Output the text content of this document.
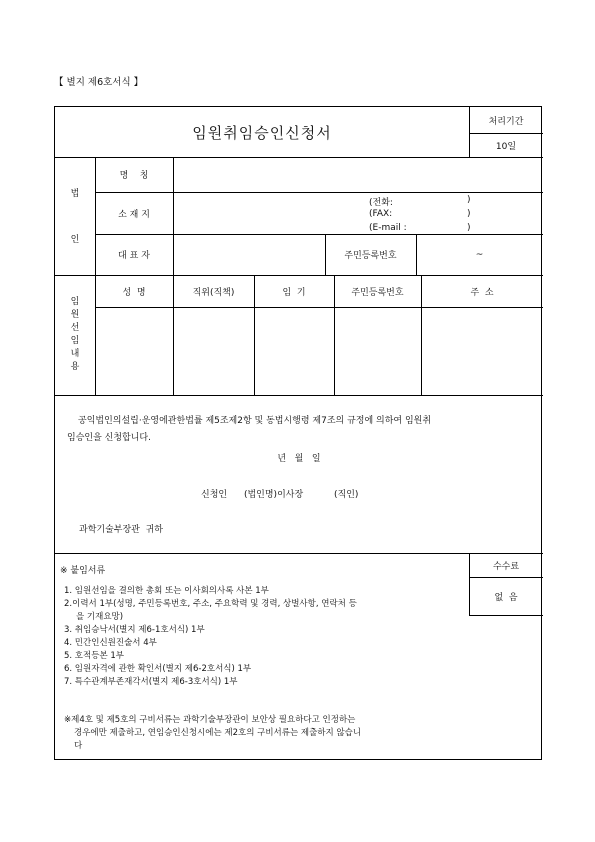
【 별지 제6호서식 】
임원취임승인신청서
처리기간
10일
법
인
명    칭
소 재 지
(전화:	)
(FAX:	)
(E-mail :	)
대 표 자	주민등록번호	~
임
원
선
임
내
용
성  명	직위(직책)	임  기	주민등록번호	주  소
공익법인의설립·운영에관한법률 제5조제2항 및 동법시행령 제7조의 규정에 의하여 임원취
임승인을 신청합니다.
년   월   일
신청인 (법인명)이사장	(직인)
과학기술부장관  귀하
※ 붙임서류	수수료
없  음
1. 임원선임을 결의한 총회 또는 이사회의사록 사본 1부
2.이력서 1부(성명, 주민등록번호, 주소, 주요학력 및 경력, 상벌사항, 연락처 등
을 기재요망)
3. 취임승낙서(별지 제6-1호서식) 1부
4. 민간인신원진술서 4부
5. 호적등본 1부
6. 임원자격에 관한 확인서(별지 제6-2호서식) 1부
7. 특수관계부존재각서(별지 제6-3호서식) 1부
※제4호 및 제5호의 구비서류는 과학기술부장관이 보안상 필요하다고 인정하는
경우에만 제출하고, 연임승인신청시에는 제2호의 구비서류는 제출하지 않습니
다
